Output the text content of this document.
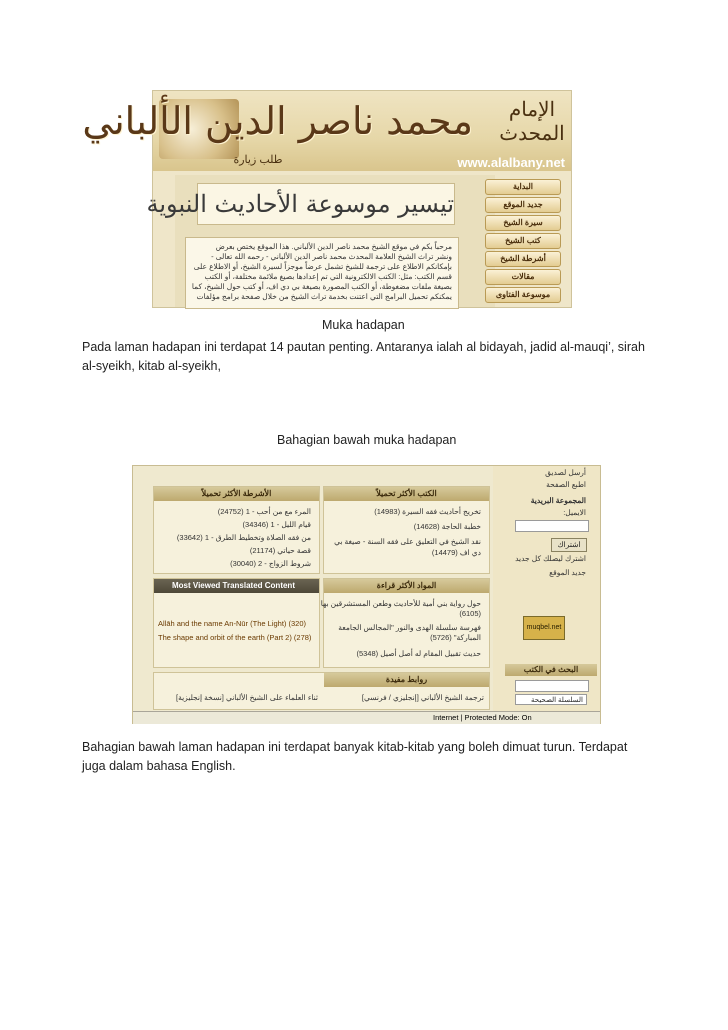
محمد ناصر الدين الألباني	الإمام المحدث
طلب زيارة	www.alalbany.net
تيسير موسوعة الأحاديث النبوية
مرحباً بكم في موقع الشيخ محمد ناصر الدين الألباني. هذا الموقع يختص بعرض
ونشر تراث الشيخ العلامة المحدث محمد ناصر الدين الألباني - رحمه الله تعالى -
بإمكانكم الاطلاع على ترجمة للشيخ تشمل عرضاً موجزاً لسيرة الشيخ، أو الاطلاع على
قسم الكتب: مثل: الكتب الالكترونية التي تم إعدادها بصيغ ملائمة مختلفة، أو الكتب
بصيغة ملفات مضغوطة، أو الكتب المصورة بصيغة بي دي اف، أو كتب حول الشيخ، كما
يمكنكم تحميل البرامج التي اعتنت بخدمة تراث الشيخ من خلال صفحة برامج مؤلفات
البداية
جديد الموقع
سيرة الشيخ
كتب الشيخ
أشرطة الشيخ
مقالات
موسوعة الفتاوى
Muka hadapan
Pada laman hadapan ini terdapat 14 pautan penting. Antaranya ialah al bidayah, jadid al-mauqi’, sirah al-syeikh, kitab al-syeikh,
Bahagian bawah muka hadapan
الأشرطة الأكثر تحميلاً
المرء مع من أحب - 1 (24752)
قيام الليل - 1 (34346)
من فقه الصلاة وتخطيط الطرق - 1 (33642)
قصة حياتي (21174)
شروط الزواج - 2 (30040)
الكتب الأكثر تحميلاً
تخريج أحاديث فقه السيرة (14983)
خطبة الحاجة (14628)
نقد الشيخ في التعليق على فقه السنة - صيغة بي
دي اف (14479)
Most Viewed Translated Content
Allāh and the name An-Nūr (The Light) (320)
The shape and orbit of the earth (Part 2) (278)
المواد الأكثر قراءة
حول رواية بني أمية للأحاديث وطعن المستشرقين بها
(6105)
فهرسة سلسلة الهدى والنور "المجالس الجامعة
المباركة" (5726)
حديث تقبيل المقام له أصل أصيل (5348)
روابط مفيدة
ثناء العلماء على الشيخ الألباني [نسخة إنجليزية]	ترجمة الشيخ الألباني [إنجليزي / فرنسي]
أرسل لصديق
اطبع الصفحة
المجموعة البريدية
الايميل:
اشتراك
اشترك ليصلك كل جديد
جديد الموقع
muqbel.net
البحث في الكتب
السلسلة الصحيحة
Internet | Protected Mode: On
Bahagian bawah laman hadapan ini terdapat banyak kitab-kitab yang boleh dimuat turun. Terdapat juga dalam bahasa English.
